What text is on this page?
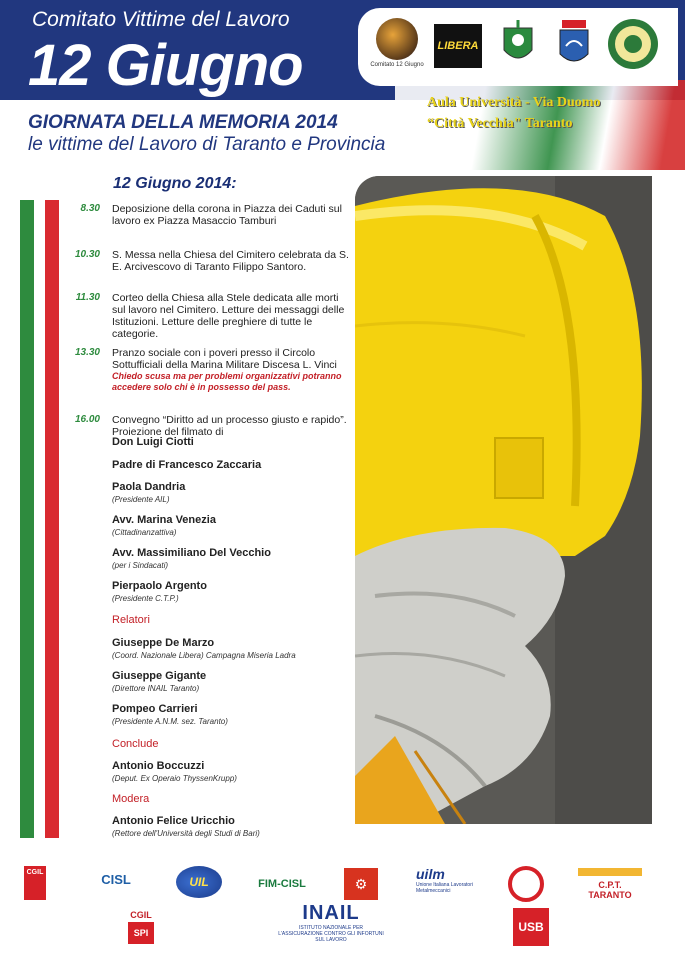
Comitato Vittime del Lavoro
12 Giugno
GIORNATA DELLA MEMORIA 2014
le vittime del Lavoro di Taranto e Provincia
Aula Università - Via Duomo
“Città Vecchia" Taranto
Comitato 12 Giugno
LIBERA
12 Giugno 2014:
8.30 Deposizione della corona in Piazza dei Caduti sul lavoro ex Piazza Masaccio Tamburi
10.30 S. Messa nella Chiesa del Cimitero celebrata da S. E. Arcivescovo di Taranto Filippo Santoro.
11.30 Corteo della Chiesa alla Stele dedicata alle morti sul lavoro nel Cimitero. Letture dei messaggi delle Istituzioni. Letture delle preghiere di tutte le categorie.
13.30 Pranzo sociale con i poveri presso il Circolo Sottufficiali della Marina Militare Discesa L. Vinci
Chiedo scusa ma per problemi organizzativi potranno accedere solo chi è in possesso del pass.
16.00 Convegno “Diritto ad un processo giusto e rapido”. Proiezione del filmato di
Don Luigi Ciotti
Padre di Francesco Zaccaria
Paola Dandria
(Presidente AIL)
Avv. Marina Venezia
(Cittadinanzattiva)
Avv. Massimiliano Del Vecchio
(per i Sindacati)
Pierpaolo Argento
(Presidente C.T.P.)
Relatori
Giuseppe De Marzo
(Coord. Nazionale Libera) Campagna Miseria Ladra
Giuseppe Gigante
(Direttore INAIL Taranto)
Pompeo Carrieri
(Presidente A.N.M. sez. Taranto)
Conclude
Antonio Boccuzzi
(Deput. Ex Operaio ThyssenKrupp)
Modera
Antonio Felice Uricchio
(Rettore dell'Università degli Studi di Bari)
CGIL
CGIL
SPI
CISL	UIL	FIM-CISL	⚙
uilm
Unione Italiana Lavoratori Metalmeccanici
C.P.T. TARANTO
INAIL
ISTITUTO NAZIONALE PER L'ASSICURAZIONE CONTRO GLI INFORTUNI SUL LAVORO
USB
